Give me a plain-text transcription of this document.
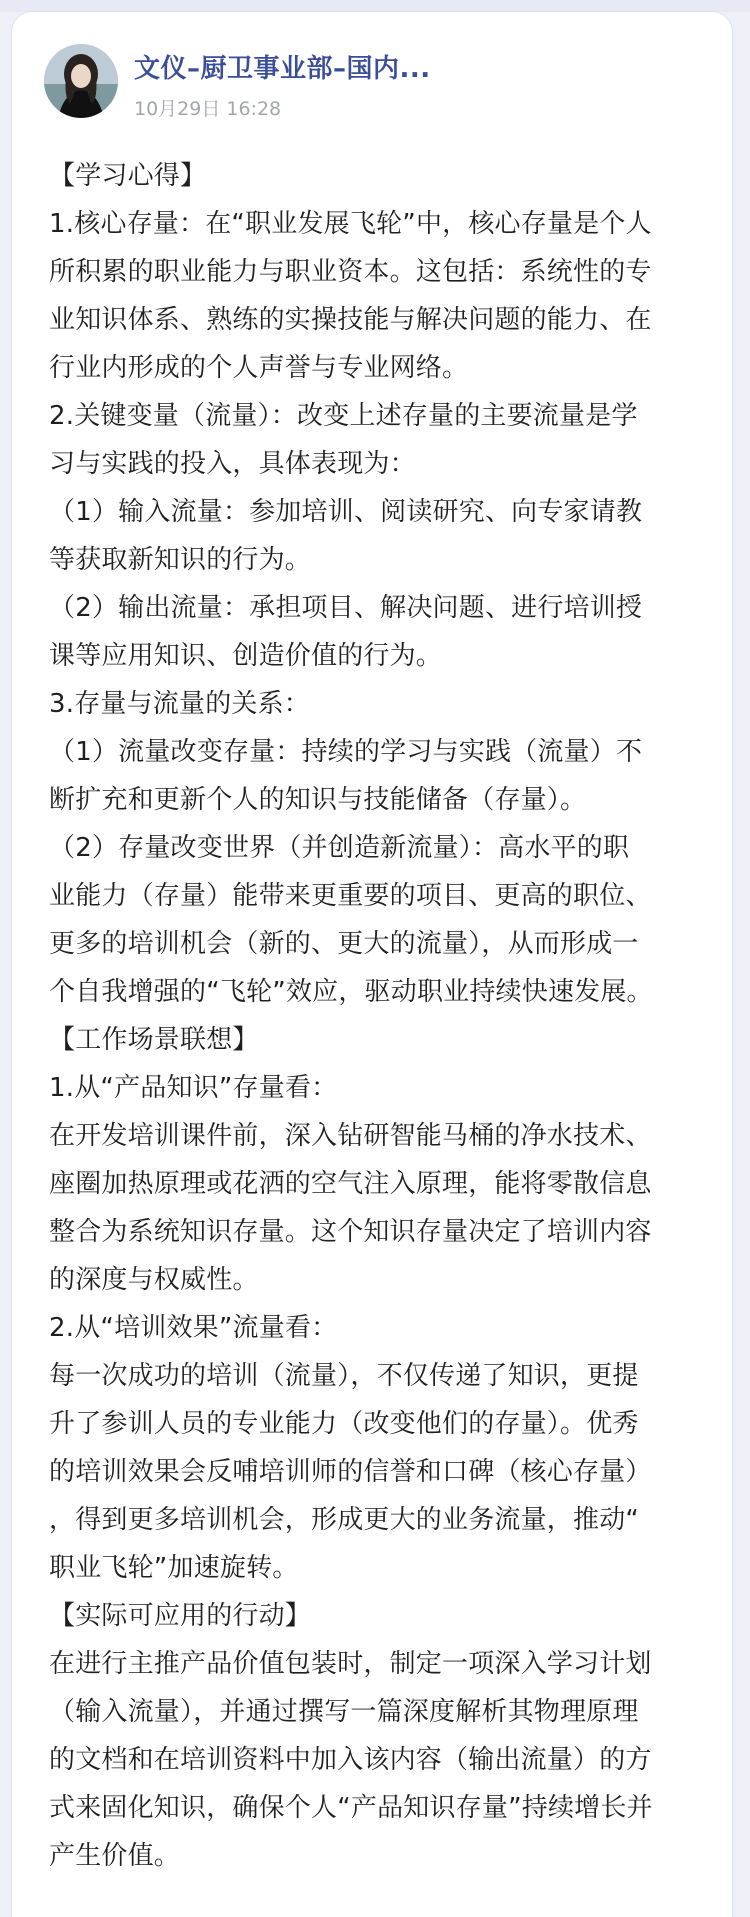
文仪–厨卫事业部–国内...
10月29日 16:28
【学习心得】
1.核心存量：在“职业发展飞轮”中，核心存量是个人
所积累的职业能力与职业资本。这包括：系统性的专
业知识体系、熟练的实操技能与解决问题的能力、在
行业内形成的个人声誉与专业网络。
2.关键变量（流量）：改变上述存量的主要流量是学
习与实践的投入，具体表现为：
（1）输入流量：参加培训、阅读研究、向专家请教
等获取新知识的行为。
（2）输出流量：承担项目、解决问题、进行培训授
课等应用知识、创造价值的行为。
3.存量与流量的关系：
（1）流量改变存量：持续的学习与实践（流量）不
断扩充和更新个人的知识与技能储备（存量）。
（2）存量改变世界（并创造新流量）：高水平的职
业能力（存量）能带来更重要的项目、更高的职位、
更多的培训机会（新的、更大的流量），从而形成一
个自我增强的“飞轮”效应，驱动职业持续快速发展。
【工作场景联想】
1.从“产品知识”存量看：
在开发培训课件前，深入钻研智能马桶的净水技术、
座圈加热原理或花洒的空气注入原理，能将零散信息
整合为系统知识存量。这个知识存量决定了培训内容
的深度与权威性。
2.从“培训效果”流量看：
每一次成功的培训（流量），不仅传递了知识，更提
升了参训人员的专业能力（改变他们的存量）。优秀
的培训效果会反哺培训师的信誉和口碑（核心存量）
，得到更多培训机会，形成更大的业务流量，推动“
职业飞轮”加速旋转。
【实际可应用的行动】
在进行主推产品价值包装时，制定一项深入学习计划
（输入流量），并通过撰写一篇深度解析其物理原理
的文档和在培训资料中加入该内容（输出流量）的方
式来固化知识，确保个人“产品知识存量”持续增长并
产生价值。
